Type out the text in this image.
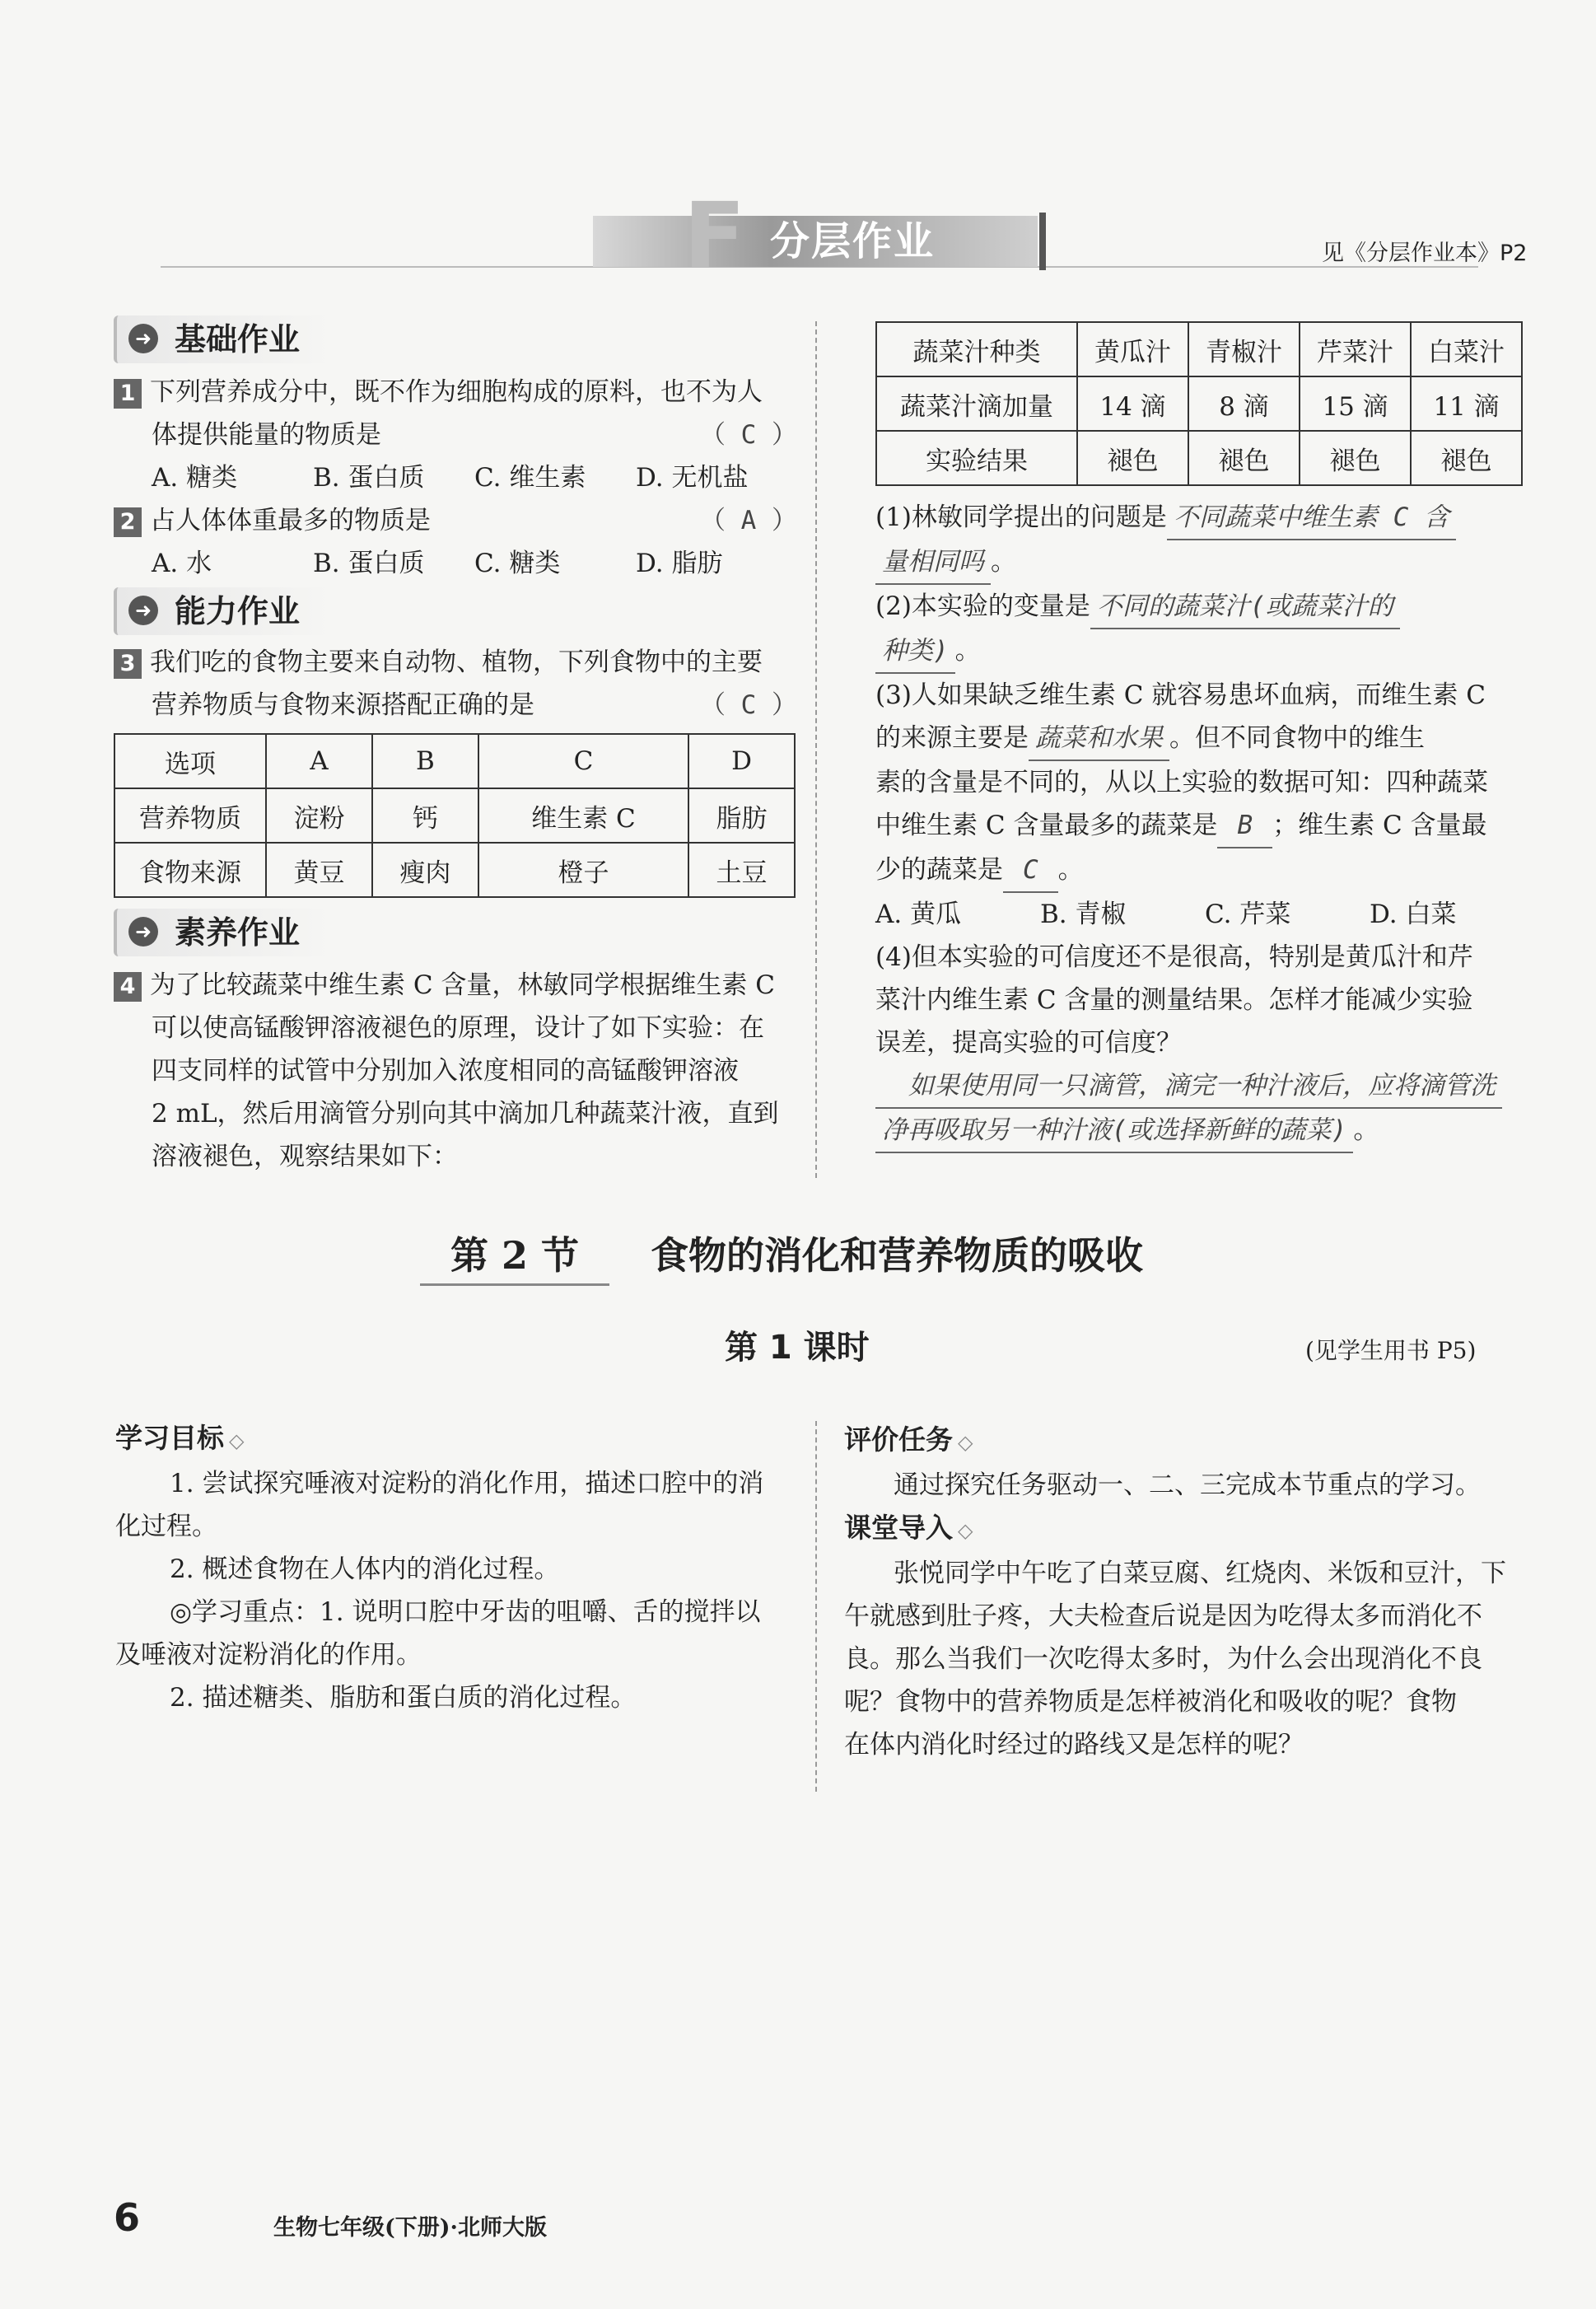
F 分层作业	见《分层作业本》P2
➜ 基础作业
1 下列营养成分中，既不作为细胞构成的原料，也不为人
体提供能量的物质是	（ C ）
A. 糖类	B. 蛋白质	C. 维生素	D. 无机盐
2 占人体体重最多的物质是	（ A ）
A. 水	B. 蛋白质	C. 糖类	D. 脂肪
➜ 能力作业
3 我们吃的食物主要来自动物、植物，下列食物中的主要
营养物质与食物来源搭配正确的是	（ C ）
选项	A	B	C	D
营养物质	淀粉	钙	维生素 C	脂肪
食物来源	黄豆	瘦肉	橙子	土豆
➜ 素养作业
4 为了比较蔬菜中维生素 C 含量，林敏同学根据维生素 C
可以使高锰酸钾溶液褪色的原理，设计了如下实验：在
四支同样的试管中分别加入浓度相同的高锰酸钾溶液
2 mL，然后用滴管分别向其中滴加几种蔬菜汁液，直到
溶液褪色，观察结果如下：
蔬菜汁种类	黄瓜汁	青椒汁	芹菜汁	白菜汁
蔬菜汁滴加量	14 滴	8 滴	15 滴	11 滴
实验结果	褪色	褪色	褪色	褪色
(1)林敏同学提出的问题是 不同蔬菜中维生素 C 含
量相同吗 。
(2)本实验的变量是 不同的蔬菜汁(或蔬菜汁的
种类) 。
(3)人如果缺乏维生素 C 就容易患坏血病，而维生素 C
的来源主要是 蔬菜和水果 。但不同食物中的维生
素的含量是不同的，从以上实验的数据可知：四种蔬菜
中维生素 C 含量最多的蔬菜是 B ；维生素 C 含量最
少的蔬菜是 C 。
A. 黄瓜	B. 青椒	C. 芹菜	D. 白菜
(4)但本实验的可信度还不是很高，特别是黄瓜汁和芹
菜汁内维生素 C 含量的测量结果。怎样才能减少实验
误差，提高实验的可信度？
如果使用同一只滴管，滴完一种汁液后，应将滴管洗
净再吸取另一种汁液(或选择新鲜的蔬菜) 。
第 2 节	食物的消化和营养物质的吸收
第 1 课时	(见学生用书 P5)
学习目标 ◇
1. 尝试探究唾液对淀粉的消化作用，描述口腔中的消
化过程。
2. 概述食物在人体内的消化过程。
◎学习重点：1. 说明口腔中牙齿的咀嚼、舌的搅拌以
及唾液对淀粉消化的作用。
2. 描述糖类、脂肪和蛋白质的消化过程。
评价任务 ◇
通过探究任务驱动一、二、三完成本节重点的学习。
课堂导入 ◇
张悦同学中午吃了白菜豆腐、红烧肉、米饭和豆汁，下
午就感到肚子疼，大夫检查后说是因为吃得太多而消化不
良。那么当我们一次吃得太多时，为什么会出现消化不良
呢？食物中的营养物质是怎样被消化和吸收的呢？食物
在体内消化时经过的路线又是怎样的呢？
6	生物七年级(下册)·北师大版
